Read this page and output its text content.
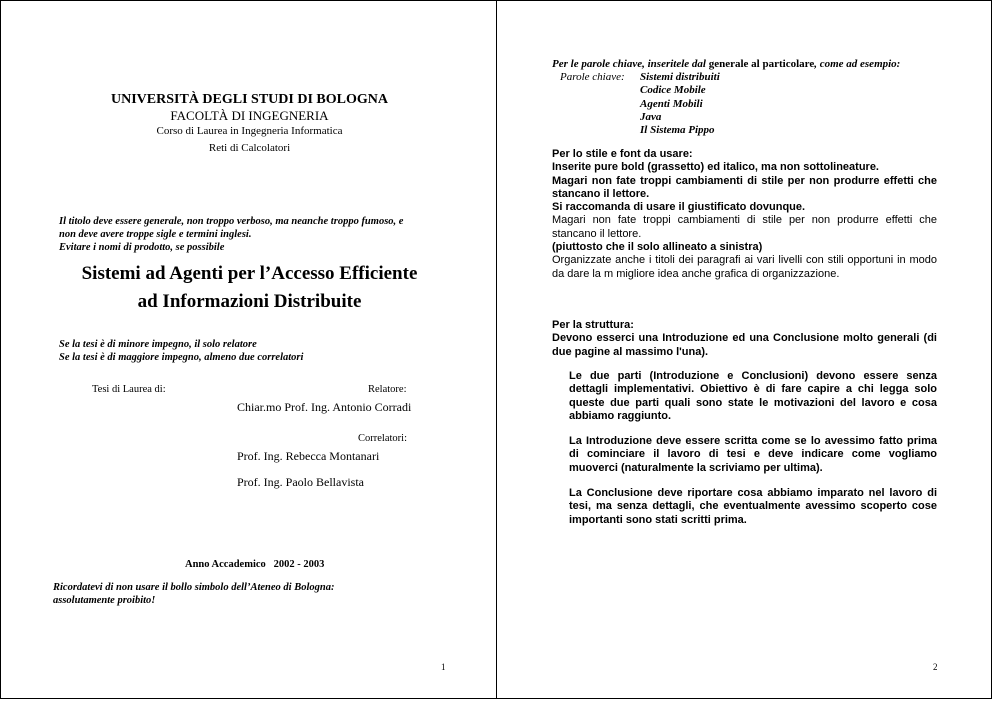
UNIVERSITÀ DEGLI STUDI DI BOLOGNA
FACOLTÀ DI INGEGNERIA
Corso di Laurea in Ingegneria Informatica
Reti di Calcolatori
Il titolo deve essere generale, non troppo verboso, ma neanche troppo fumoso, e
non deve avere troppe sigle e termini inglesi.
Evitare i nomi di prodotto, se possibile
Sistemi ad Agenti per l’Accesso Efficiente
ad Informazioni Distribuite
Se la tesi è di minore impegno, il solo relatore
Se la tesi è di maggiore impegno, almeno due correlatori
Tesi di Laurea di:	Relatore:
Chiar.mo Prof. Ing. Antonio Corradi
Correlatori:
Prof. Ing. Rebecca Montanari
Prof. Ing. Paolo Bellavista
Anno Accademico 2002 - 2003
Ricordatevi di non usare il bollo simbolo dell’Ateneo di Bologna:
assolutamente proibito!
1
Per le parole chiave, inseritele dal generale al particolare, come ad esempio:
Parole chiave: Sistemi distribuiti
Codice Mobile
Agenti Mobili
Java
Il Sistema Pippo

Per lo stile e font da usare:

Inserite pure bold (grassetto) ed italico, ma non sottolineature.

Magari non fate troppi cambiamenti di stile per non produrre effetti che stancano il lettore.

Si raccomanda di usare il giustificato dovunque.

Magari non fate troppi cambiamenti di stile per non produrre effetti che stancano il lettore.

(piuttosto che il solo allineato a sinistra)

Organizzate anche i titoli dei paragrafi ai vari livelli con stili opportuni in modo da dare la m migliore idea anche grafica di organizzazione.

Per la struttura:

Devono esserci una Introduzione ed una Conclusione molto generali (di due pagine al massimo l'una).

Le due parti (Introduzione e Conclusioni) devono essere senza dettagli implementativi. Obiettivo è di fare capire a chi legga solo queste due parti quali sono state le motivazioni del lavoro e cosa abbiamo raggiunto.

La Introduzione deve essere scritta come se lo avessimo fatto prima di cominciare il lavoro di tesi e deve indicare come vogliamo muoverci (naturalmente la scriviamo per ultima).

La Conclusione deve riportare cosa abbiamo imparato nel lavoro di tesi, ma senza dettagli, che eventualmente avessimo scoperto cose importanti sono stati scritti prima.

2
